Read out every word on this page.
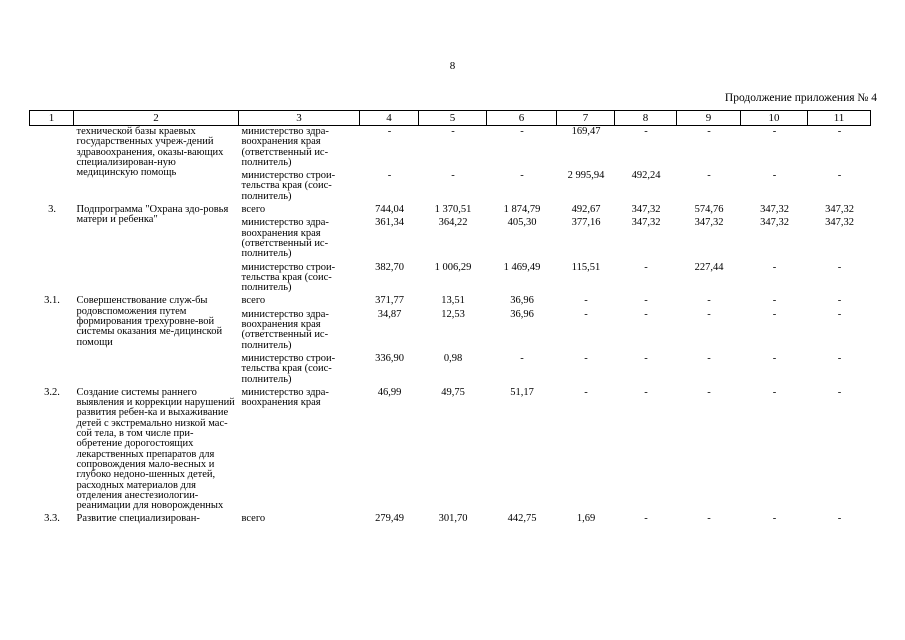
8
Продолжение приложения № 4
1	2	3	4	5	6	7	8	9	10	11
	технической базы краевых государственных учреж-дений здравоохранения, оказы-вающих специализирован-ную медицинскую помощь	министерство здра-воохранения края (ответственный ис-полнитель)	-	-	-	169,47	-	-	-	-
		министерство строи-тельства края (соис-полнитель)	-	-	-	2 995,94	492,24	-	-	-
3.	Подпрограмма "Охрана здо-ровья матери и ребенка"	всего	744,04	1 370,51	1 874,79	492,67	347,32	574,76	347,32	347,32
		министерство здра-воохранения края (ответственный ис-полнитель)	361,34	364,22	405,30	377,16	347,32	347,32	347,32	347,32
		министерство строи-тельства края (соис-полнитель)	382,70	1 006,29	1 469,49	115,51	-	227,44	-	-
3.1.	Совершенствование служ-бы родовспоможения путем формирования трехуровне-вой системы оказания ме-дицинской помощи	всего	371,77	13,51	36,96	-	-	-	-	-
		министерство здра-воохранения края (ответственный ис-полнитель)	34,87	12,53	36,96	-	-	-	-	-
		министерство строи-тельства края (соис-полнитель)	336,90	0,98	-	-	-	-	-	-
3.2.	Создание системы раннего выявления и коррекции нарушений развития ребен-ка и выхаживание детей с экстремально низкой мас-сой тела, в том числе при-обретение дорогостоящих лекарственных препаратов для сопровождения мало-весных и глубоко недоно-шенных детей, расходных материалов для отделения анестезиологии-реанимации для новорожденных	министерство здра-воохранения края	46,99	49,75	51,17	-	-	-	-	-
3.3.	Развитие специализирован-	всего	279,49	301,70	442,75	1,69	-	-	-	-
